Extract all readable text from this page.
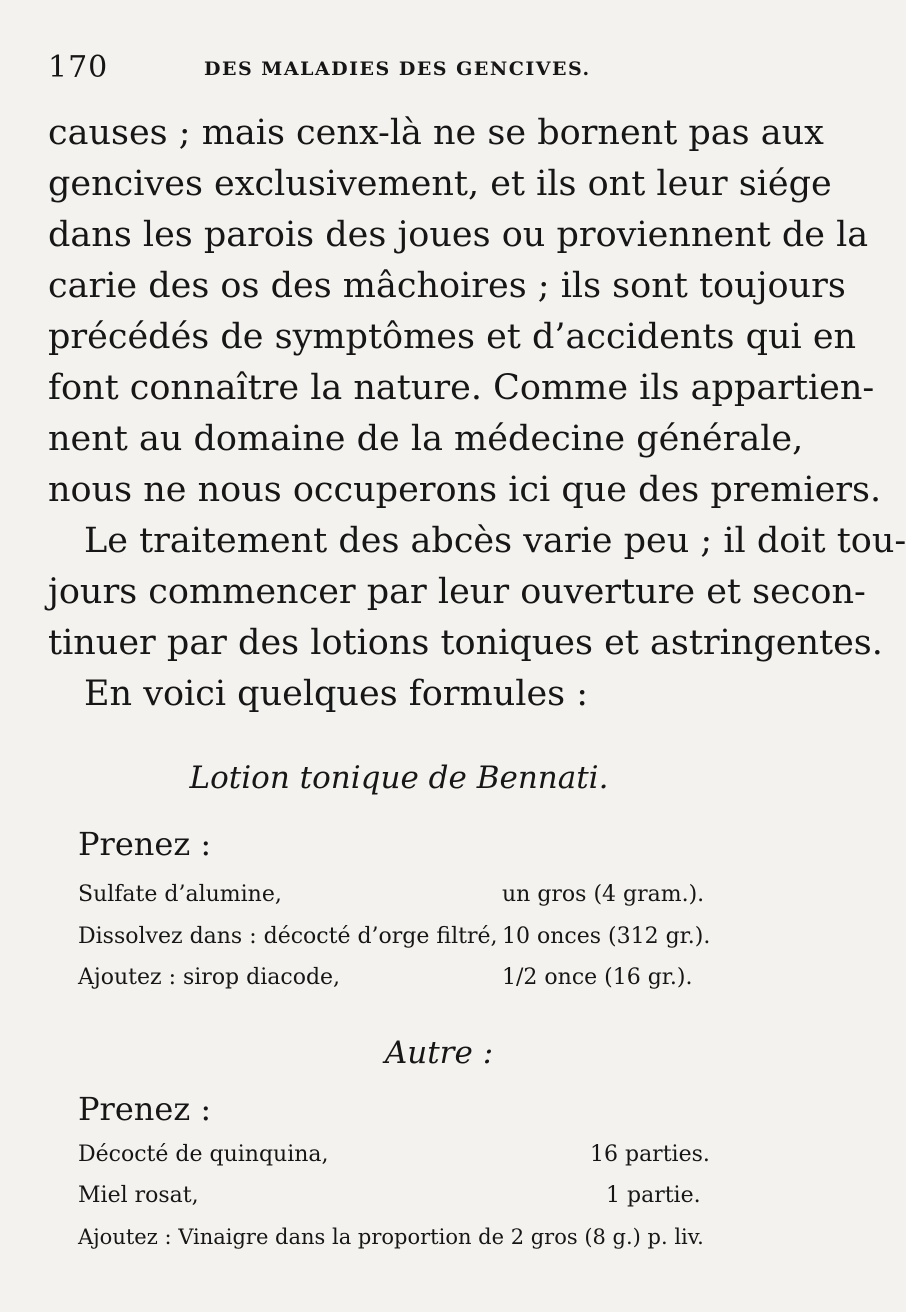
170	DES MALADIES DES GENCIVES.
causes ; mais cenx-là ne se bornent pas aux
gencives exclusivement, et ils ont leur siége
dans les parois des joues ou proviennent de la
carie des os des mâchoires ; ils sont toujours
précédés de symptômes et d’accidents qui en
font connaître la nature. Comme ils appartien-
nent au domaine de la médecine générale,
nous ne nous occuperons ici que des premiers.
Le traitement des abcès varie peu ; il doit tou-
jours commencer par leur ouverture et secon-
tinuer par des lotions toniques et astringentes.
En voici quelques formules :
Lotion tonique de Bennati.
Prenez :
Sulfate d’alumine,	un gros (4 gram.).
Dissolvez dans : décocté d’orge filtré, 10 onces (312 gr.).
Ajoutez : sirop diacode,	1/2 once (16 gr.).
Autre :
Prenez :
Décocté de quinquina,	16 parties.
Miel rosat,	1 partie.
Ajoutez : Vinaigre dans la proportion de 2 gros (8 g.) p. liv.
